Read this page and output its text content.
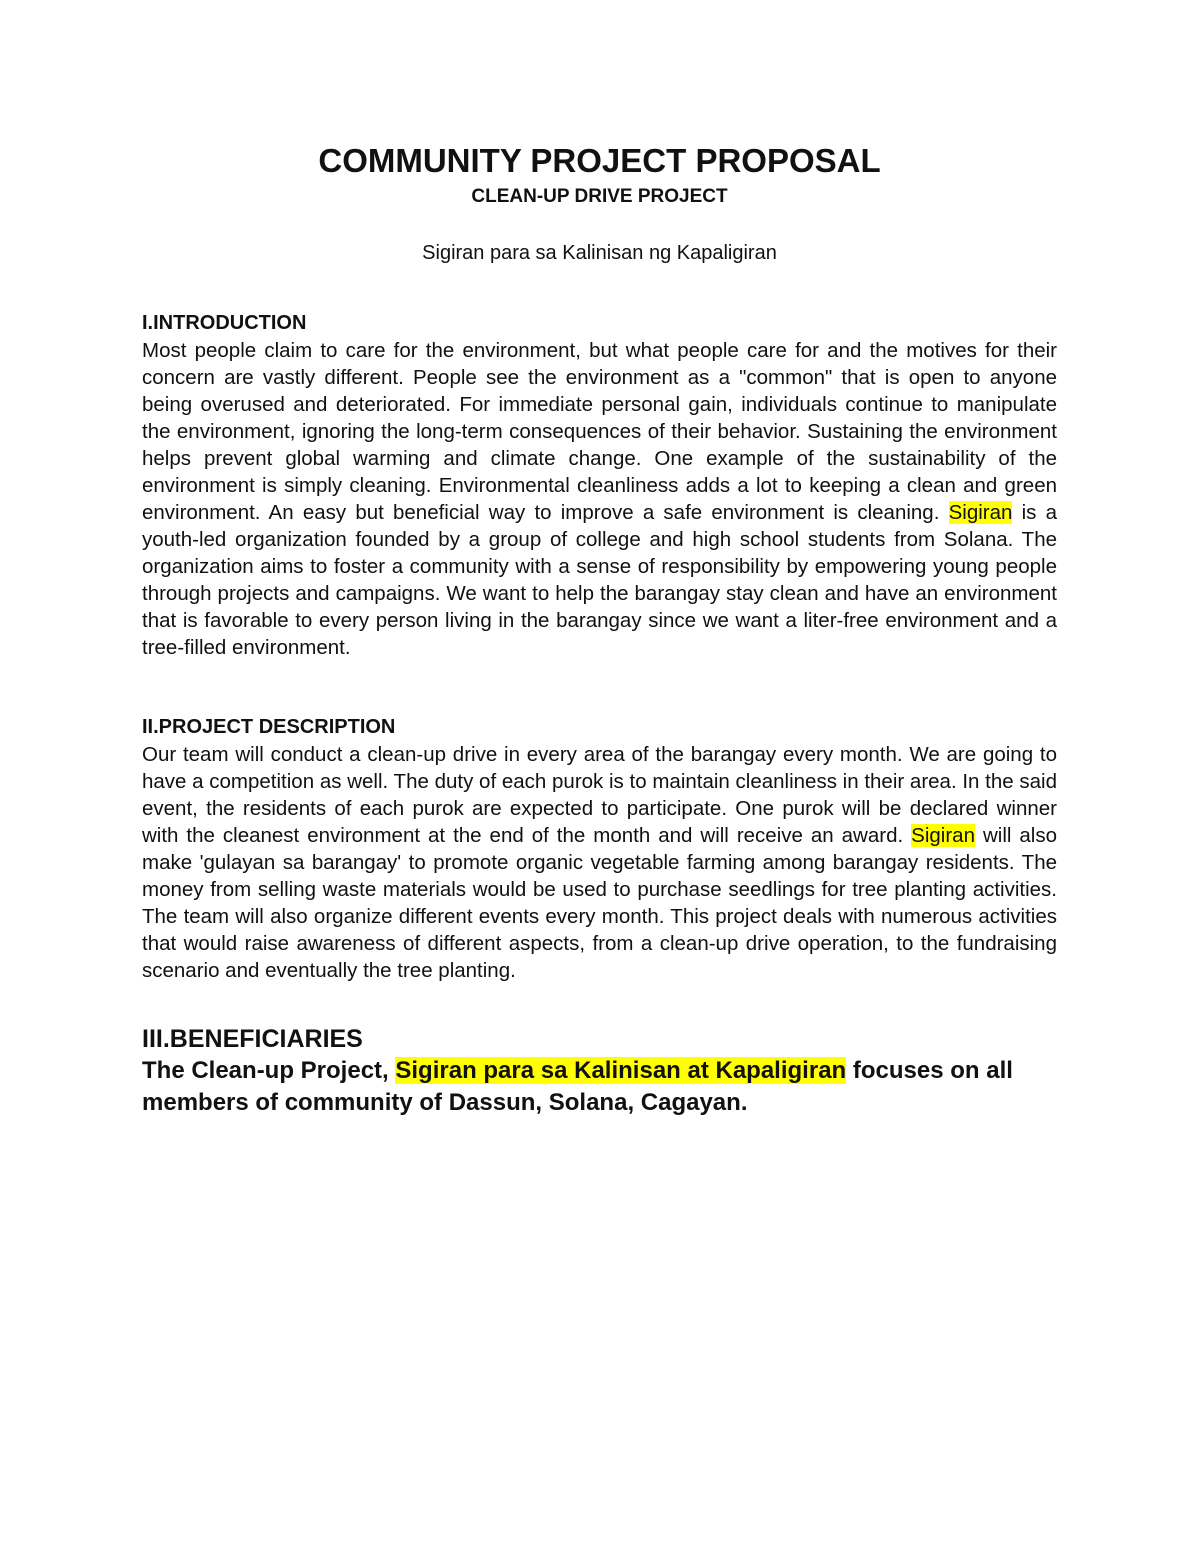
COMMUNITY PROJECT PROPOSAL
CLEAN-UP DRIVE PROJECT

Sigiran para sa Kalinisan ng Kapaligiran

I.INTRODUCTION

Most people claim to care for the environment, but what people care for and the motives for their concern are vastly different. People see the environment as a "common" that is open to anyone being overused and deteriorated. For immediate personal gain, individuals continue to manipulate the environment, ignoring the long-term consequences of their behavior. Sustaining the environment helps prevent global warming and climate change. One example of the sustainability of the environment is simply cleaning. Environmental cleanliness adds a lot to keeping a clean and green environment. An easy but beneficial way to improve a safe environment is cleaning. Sigiran is a youth-led organization founded by a group of college and high school students from Solana. The organization aims to foster a community with a sense of responsibility by empowering young people through projects and campaigns. We want to help the barangay stay clean and have an environment that is favorable to every person living in the barangay since we want a liter-free environment and a tree-filled environment.

II.PROJECT DESCRIPTION

Our team will conduct a clean-up drive in every area of the barangay every month. We are going to have a competition as well. The duty of each purok is to maintain cleanliness in their area. In the said event, the residents of each purok are expected to participate. One purok will be declared winner with the cleanest environment at the end of the month and will receive an award. Sigiran will also make 'gulayan sa barangay' to promote organic vegetable farming among barangay residents. The money from selling waste materials would be used to purchase seedlings for tree planting activities. The team will also organize different events every month. This project deals with numerous activities that would raise awareness of different aspects, from a clean-up drive operation, to the fundraising scenario and eventually the tree planting.

III.BENEFICIARIES

The Clean-up Project, Sigiran para sa Kalinisan at Kapaligiran focuses on all members of community of Dassun, Solana, Cagayan.
